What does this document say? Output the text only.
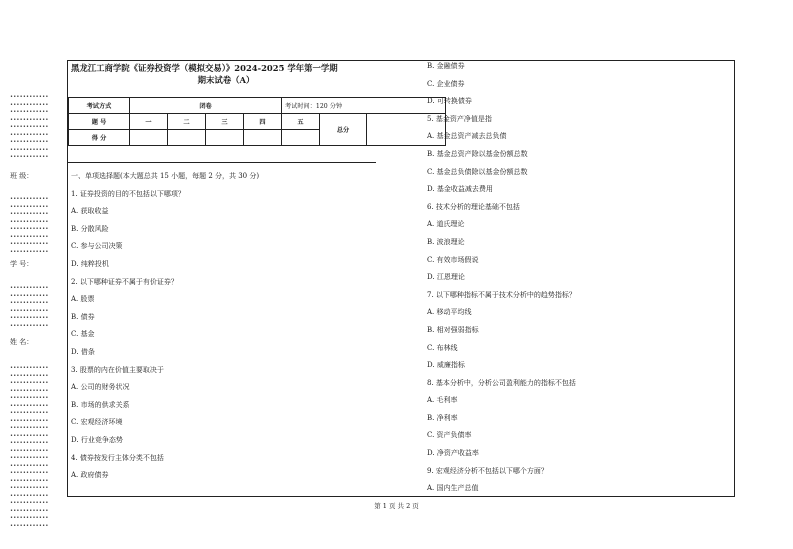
••••••••••••
••••••••••••
••••••••••••
••••••••••••
••••••••••••
••••••••••••
••••••••••••
••••••••••••
••••••••••••
班 级：
••••••••••••
••••••••••••
••••••••••••
••••••••••••
••••••••••••
••••••••••••
••••••••••••
••••••••••••
学 号：
••••••••••••
••••••••••••
••••••••••••
••••••••••••
••••••••••••
••••••••••••
姓 名：
••••••••••••
••••••••••••
••••••••••••
••••••••••••
••••••••••••
••••••••••••
••••••••••••
••••••••••••
••••••••••••
••••••••••••
••••••••••••
••••••••••••
••••••••••••
••••••••••••
••••••••••••
••••••••••••
••••••••••••
••••••••••••
••••••••••••
••••••••••••
••••••••••••
••••••••••••
黑龙江工商学院《证券投资学（模拟交易）》2024-2025 学年第一学期
期末试卷（A）
考试方式	闭卷				考试时间：120 分钟		
题 号	一	二	三	四	五	总分	
得 分							
一、单项选择题(本大题总共 15 小题，每题 2 分，共 30 分)
1. 证券投资的目的不包括以下哪项？
A. 获取收益
B. 分散风险
C. 参与公司决策
D. 纯粹投机
2. 以下哪种证券不属于有价证券？
A. 股票
B. 债券
C. 基金
D. 借条
3. 股票的内在价值主要取决于
A. 公司的财务状况
B. 市场的供求关系
C. 宏观经济环境
D. 行业竞争态势
4. 债券按发行主体分类不包括
A. 政府债券
B. 金融债券
C. 企业债券
D. 可转换债券
5. 基金资产净值是指
A. 基金总资产减去总负债
B. 基金总资产除以基金份额总数
C. 基金总负债除以基金份额总数
D. 基金收益减去费用
6. 技术分析的理论基础不包括
A. 道氏理论
B. 波浪理论
C. 有效市场假说
D. 江恩理论
7. 以下哪种指标不属于技术分析中的趋势指标？
A. 移动平均线
B. 相对强弱指标
C. 布林线
D. 威廉指标
8. 基本分析中，分析公司盈利能力的指标不包括
A. 毛利率
B. 净利率
C. 资产负债率
D. 净资产收益率
9. 宏观经济分析不包括以下哪个方面？
A. 国内生产总值
第 1 页 共 2 页
